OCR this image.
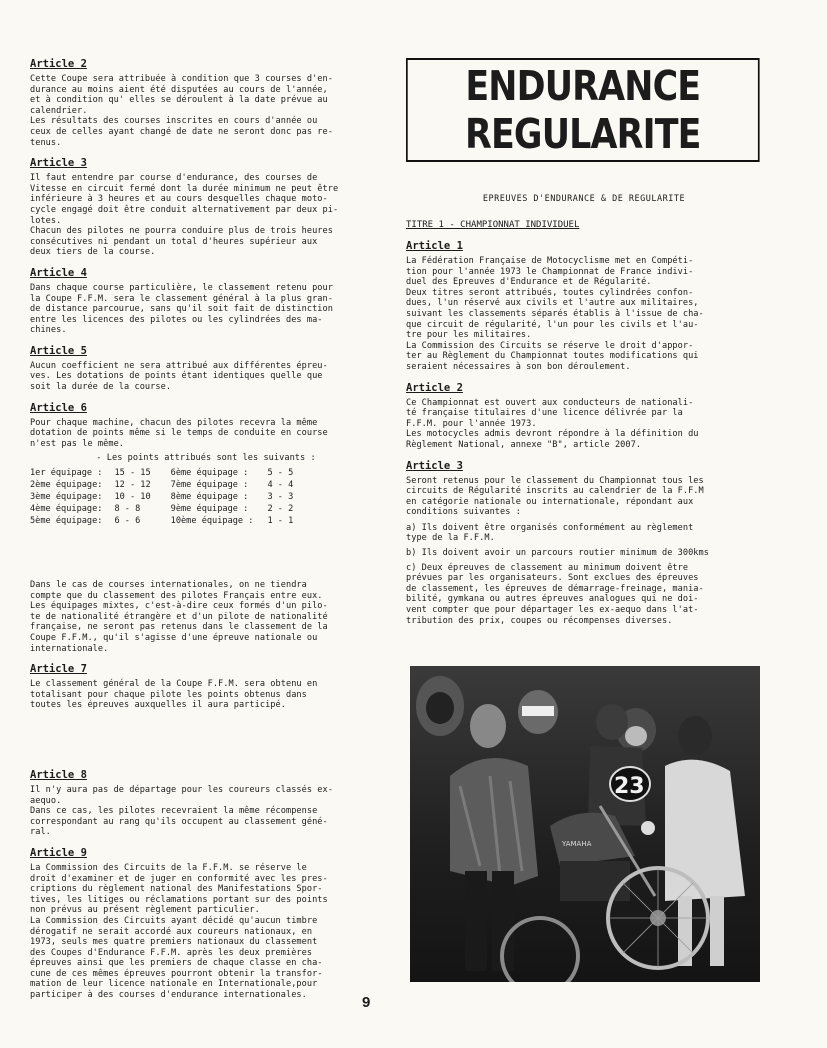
Article 2
Cette Coupe sera attribuée à condition que 3 courses d'en-
durance au moins aient été disputées au cours de l'année,
et à condition qu' elles se déroulent à la date prévue au
calendrier.
Les résultats des courses inscrites en cours d'année ou
ceux de celles ayant changé de date ne seront donc pas re-
tenus.
Article 3
Il faut entendre par course d'endurance, des courses de
Vitesse en circuit fermé dont la durée minimum ne peut être
inférieure à 3 heures et au cours desquelles chaque moto-
cycle engagé doit être conduit alternativement par deux pi-
lotes.
Chacun des pilotes ne pourra conduire plus de trois heures
consécutives ni pendant un total d'heures supérieur aux
deux tiers de la course.
Article 4
Dans chaque course particulière, le classement retenu pour
la Coupe F.F.M. sera le classement général à la plus gran-
de distance parcourue, sans qu'il soit fait de distinction
entre les licences des pilotes ou les cylindrées des ma-
chines.
Article 5
Aucun coefficient ne sera attribué aux différentes épreu-
ves. Les dotations de points étant identiques quelle que
soit la durée de la course.
Article 6
Pour chaque machine, chacun des pilotes recevra la même
dotation de points même si le temps de conduite en course
n'est pas le même.
- Les points attribués sont les suivants :
1er équipage :	15 - 15	6ème équipage :	5 - 5
2ème équipage:	12 - 12	7ème équipage :	4 - 4
3ème équipage:	10 - 10	8ème équipage :	3 - 3
4ème équipage:	8 - 8	9ème équipage :	2 - 2
5ème équipage:	6 - 6	10ème équipage :	1 - 1
Dans le cas de courses internationales, on ne tiendra
compte que du classement des pilotes Français entre eux.
Les équipages mixtes, c'est-à-dire ceux formés d'un pilo-
te de nationalité étrangère et d'un pilote de nationalité
française, ne seront pas retenus dans le classement de la
Coupe F.F.M., qu'il s'agisse d'une épreuve nationale ou
internationale.
Article 7
Le classement général de la Coupe F.F.M. sera obtenu en
totalisant pour chaque pilote les points obtenus dans
toutes les épreuves auxquelles il aura participé.
Article 8
Il n'y aura pas de départage pour les coureurs classés ex-
aequo.
Dans ce cas, les pilotes recevraient la même récompense
correspondant au rang qu'ils occupent au classement géné-
ral.
Article 9
La Commission des Circuits de la F.F.M. se réserve le
droit d'examiner et de juger en conformité avec les pres-
criptions du règlement national des Manifestations Spor-
tives, les litiges ou réclamations portant sur des points
non prévus au présent règlement particulier.
La Commission des Circuits ayant décidé qu'aucun timbre
dérogatif ne serait accordé aux coureurs nationaux, en
1973, seuls mes quatre premiers nationaux du classement
des Coupes d'Endurance F.F.M. après les deux premières
épreuves ainsi que les premiers de chaque classe en cha-
cune de ces mêmes épreuves pourront obtenir la transfor-
mation de leur licence nationale en Internationale,pour
participer à des courses d'endurance internationales.
ENDURANCE
REGULARITE
EPREUVES D'ENDURANCE & DE REGULARITE
TITRE 1 - CHAMPIONNAT INDIVIDUEL
Article 1
La Fédération Française de Motocyclisme met en Compéti-
tion pour l'année 1973 le Championnat de France indivi-
duel des Epreuves d'Endurance et de Régularité.
Deux titres seront attribués, toutes cylindrées confon-
dues, l'un réservé aux civils et l'autre aux militaires,
suivant les classements séparés établis à l'issue de cha-
que circuit de régularité, l'un pour les civils et l'au-
tre pour les militaires.
La Commission des Circuits se réserve le droit d'appor-
ter au Règlement du Championnat toutes modifications qui
seraient nécessaires à son bon déroulement.
Article 2
Ce Championnat est ouvert aux conducteurs de nationali-
té française titulaires d'une licence délivrée par la
F.F.M. pour l'année 1973.
Les motocycles admis devront répondre à la définition du
Règlement National, annexe "B", article 2007.
Article 3
Seront retenus pour le classement du Championnat tous les
circuits de Régularité inscrits au calendrier de la F.F.M
en catégorie nationale ou internationale, répondant aux
conditions suivantes :
a) Ils doivent être organisés conformément au règlement
type de la F.F.M.
b) Ils doivent avoir un parcours routier minimum de 300kms
c) Deux épreuves de classement au minimum doivent être
prévues par les organisateurs. Sont exclues des épreuves
de classement, les épreuves de démarrage-freinage, mania-
bilité, gymkana ou autres épreuves analogues qui ne doi-
vent compter que pour départager les ex-aequo dans l'at-
tribution des prix, coupes ou récompenses diverses.
23
YAMAHA
9
